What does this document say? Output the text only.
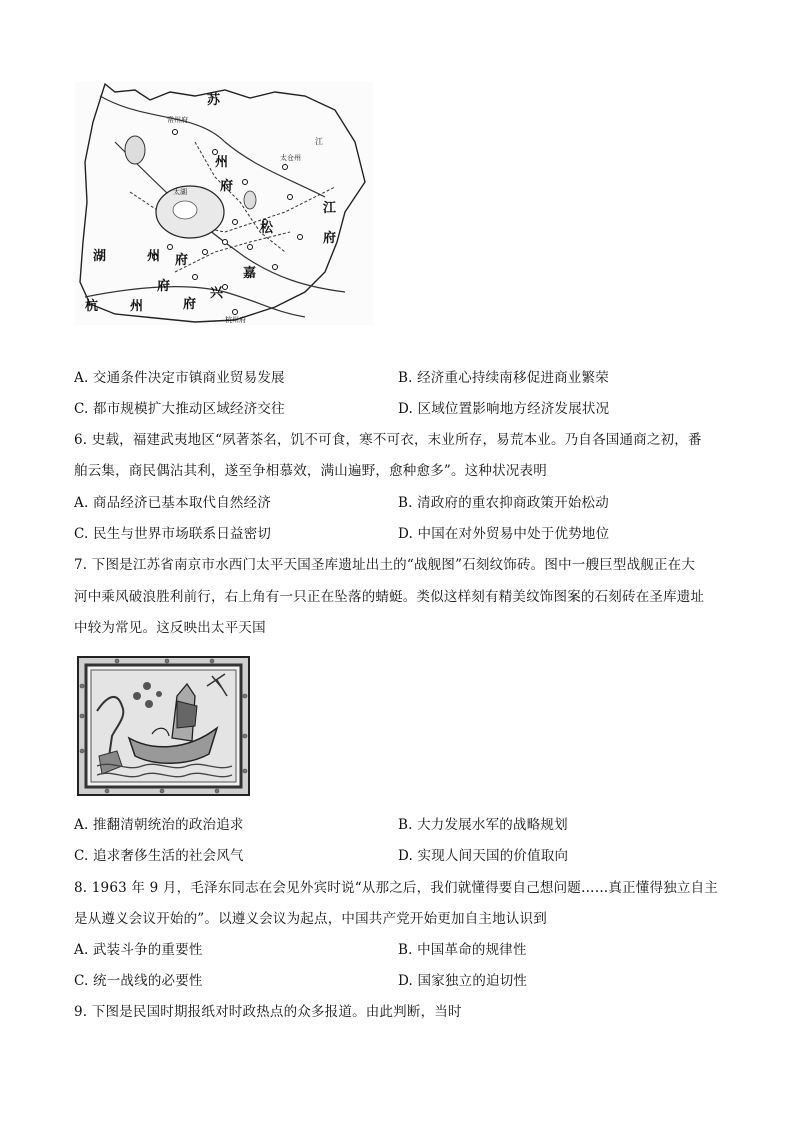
常州府
苏
州
府
太湖
松
江
府
湖	州 府
嘉
兴
府
杭 州
府
杭州府
太仓州
江
A. 交通条件决定市镇商业贸易发展	B. 经济重心持续南移促进商业繁荣
C. 都市规模扩大推动区域经济交往	D. 区域位置影响地方经济发展状况
6. 史载，福建武夷地区“夙著茶名，饥不可食，寒不可衣，末业所存，易荒本业。乃自各国通商之初，番
舶云集，商民偶沾其利，遂至争相慕效，满山遍野，愈种愈多”。这种状况表明
A. 商品经济已基本取代自然经济	B. 清政府的重农抑商政策开始松动
C. 民生与世界市场联系日益密切	D. 中国在对外贸易中处于优势地位
7. 下图是江苏省南京市水西门太平天国圣库遗址出土的“战舰图”石刻纹饰砖。图中一艘巨型战舰正在大
河中乘风破浪胜利前行，右上角有一只正在坠落的蜻蜓。类似这样刻有精美纹饰图案的石刻砖在圣库遗址
中较为常见。这反映出太平天国
A. 推翻清朝统治的政治追求	B. 大力发展水军的战略规划
C. 追求奢侈生活的社会风气	D. 实现人间天国的价值取向
8. 1963 年 9 月，毛泽东同志在会见外宾时说“从那之后，我们就懂得要自己想问题……真正懂得独立自主
是从遵义会议开始的”。以遵义会议为起点，中国共产党开始更加自主地认识到
A. 武装斗争的重要性	B. 中国革命的规律性
C. 统一战线的必要性	D. 国家独立的迫切性
9. 下图是民国时期报纸对时政热点的众多报道。由此判断，当时
